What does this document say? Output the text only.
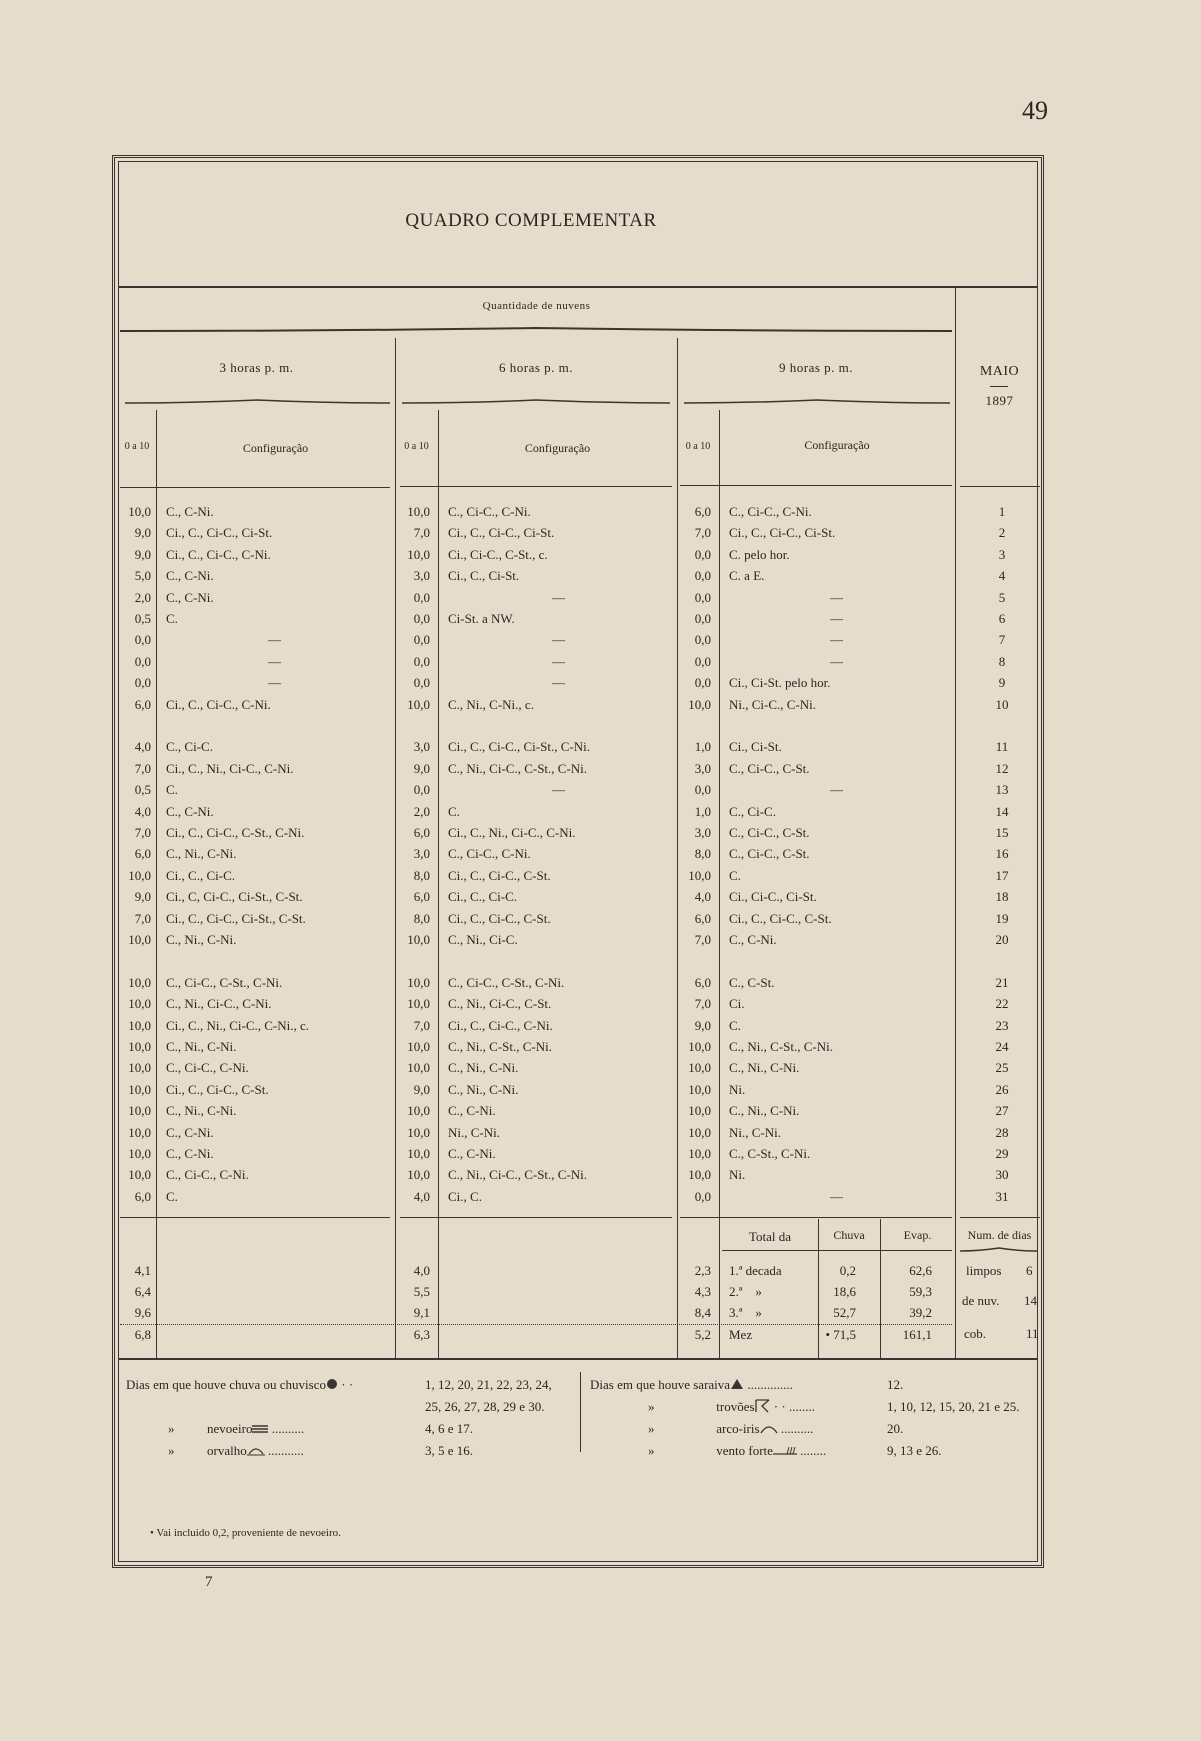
49
QUADRO COMPLEMENTAR
Quantidade de nuvens
3 horas p. m.	6 horas p. m.	9 horas p. m.	MAIO
1897
0 a 10	Configuração	0 a 10	Configuração	0 a 10	Configuração
10,0 C., C-Ni.	10,0 C., Ci-C., C-Ni.	6,0 C., Ci-C., C-Ni.	1
9,0 Ci., C., Ci-C., Ci-St.	7,0 Ci., C., Ci-C., Ci-St.	7,0 Ci., C., Ci-C., Ci-St.	2
9,0 Ci., C., Ci-C., C-Ni.	10,0 Ci., Ci-C., C-St., c.	0,0 C. pelo hor.	3
5,0 C., C-Ni.	3,0 Ci., C., Ci-St.	0,0 C. a E.	4
2,0 C., C-Ni.	0,0	—	0,0	—	5
0,5 C.	0,0 Ci-St. a NW.	0,0	—	6
0,0	—	0,0	—	0,0	—	7
0,0	—	0,0	—	0,0	—	8
0,0	—	0,0	—	0,0 Ci., Ci-St. pelo hor.	9
6,0 Ci., C., Ci-C., C-Ni.	10,0 C., Ni., C-Ni., c.	10,0 Ni., Ci-C., C-Ni.	10
4,0 C., Ci-C.	3,0 Ci., C., Ci-C., Ci-St., C-Ni.	1,0 Ci., Ci-St.	11
7,0 Ci., C., Ni., Ci-C., C-Ni.	9,0 C., Ni., Ci-C., C-St., C-Ni.	3,0 C., Ci-C., C-St.	12
0,5 C.	0,0	—	0,0	—	13
4,0 C., C-Ni.	2,0 C.	1,0 C., Ci-C.	14
7,0 Ci., C., Ci-C., C-St., C-Ni.	6,0 Ci., C., Ni., Ci-C., C-Ni.	3,0 C., Ci-C., C-St.	15
6,0 C., Ni., C-Ni.	3,0 C., Ci-C., C-Ni.	8,0 C., Ci-C., C-St.	16
10,0 Ci., C., Ci-C.	8,0 Ci., C., Ci-C., C-St.	10,0 C.	17
9,0 Ci., C, Ci-C., Ci-St., C-St.	6,0 Ci., C., Ci-C.	4,0 Ci., Ci-C., Ci-St.	18
7,0 Ci., C., Ci-C., Ci-St., C-St.	8,0 Ci., C., Ci-C., C-St.	6,0 Ci., C., Ci-C., C-St.	19
10,0 C., Ni., C-Ni.	10,0 C., Ni., Ci-C.	7,0 C., C-Ni.	20
10,0 C., Ci-C., C-St., C-Ni.	10,0 C., Ci-C., C-St., C-Ni.	6,0 C., C-St.	21
10,0 C., Ni., Ci-C., C-Ni.	10,0 C., Ni., Ci-C., C-St.	7,0 Ci.	22
10,0 Ci., C., Ni., Ci-C., C-Ni., c.	7,0 Ci., C., Ci-C., C-Ni.	9,0 C.	23
10,0 C., Ni., C-Ni.	10,0 C., Ni., C-St., C-Ni.	10,0 C., Ni., C-St., C-Ni.	24
10,0 C., Ci-C., C-Ni.	10,0 C., Ni., C-Ni.	10,0 C., Ni., C-Ni.	25
10,0 Ci., C., Ci-C., C-St.	9,0 C., Ni., C-Ni.	10,0 Ni.	26
10,0 C., Ni., C-Ni.	10,0 C., C-Ni.	10,0 C., Ni., C-Ni.	27
10,0 C., C-Ni.	10,0 Ni., C-Ni.	10,0 Ni., C-Ni.	28
10,0 C., C-Ni.	10,0 C., C-Ni.	10,0 C., C-St., C-Ni.	29
10,0 C., Ci-C., C-Ni.	10,0 C., Ni., Ci-C., C-St., C-Ni.	10,0 Ni.	30
6,0 C.	4,0 Ci., C.	0,0	—	31
Total da	Chuva	Evap.	Num. de dias
4,1	4,0	2,3 1.ª decada	0,2	62,6
6,4	5,5	4,3 2.ª    »	18,6	59,3
9,6	9,1	8,4 3.ª    »	52,7	39,2
6,8	6,3	5,2 Mez	• 71,5	161,1
limpos 6
de nuv. 14
cob.	11
Dias em que houve chuva ou chuvisco · ·	1, 12, 20, 21, 22, 23, 24,

25, 26, 27, 28, 29 e 30.
»          nevoeiro ..........	4, 6 e 17.
»          orvalho ...........	3, 5 e 16.
Dias em que houve saraiva ..............	12.
»                   trovões · · ........	1, 10, 12, 15, 20, 21 e 25.
»                   arco-iris ..........	20.
»                   vento forte ........	9, 13 e 26.
• Vai incluido 0,2, proveniente de nevoeiro.
7
